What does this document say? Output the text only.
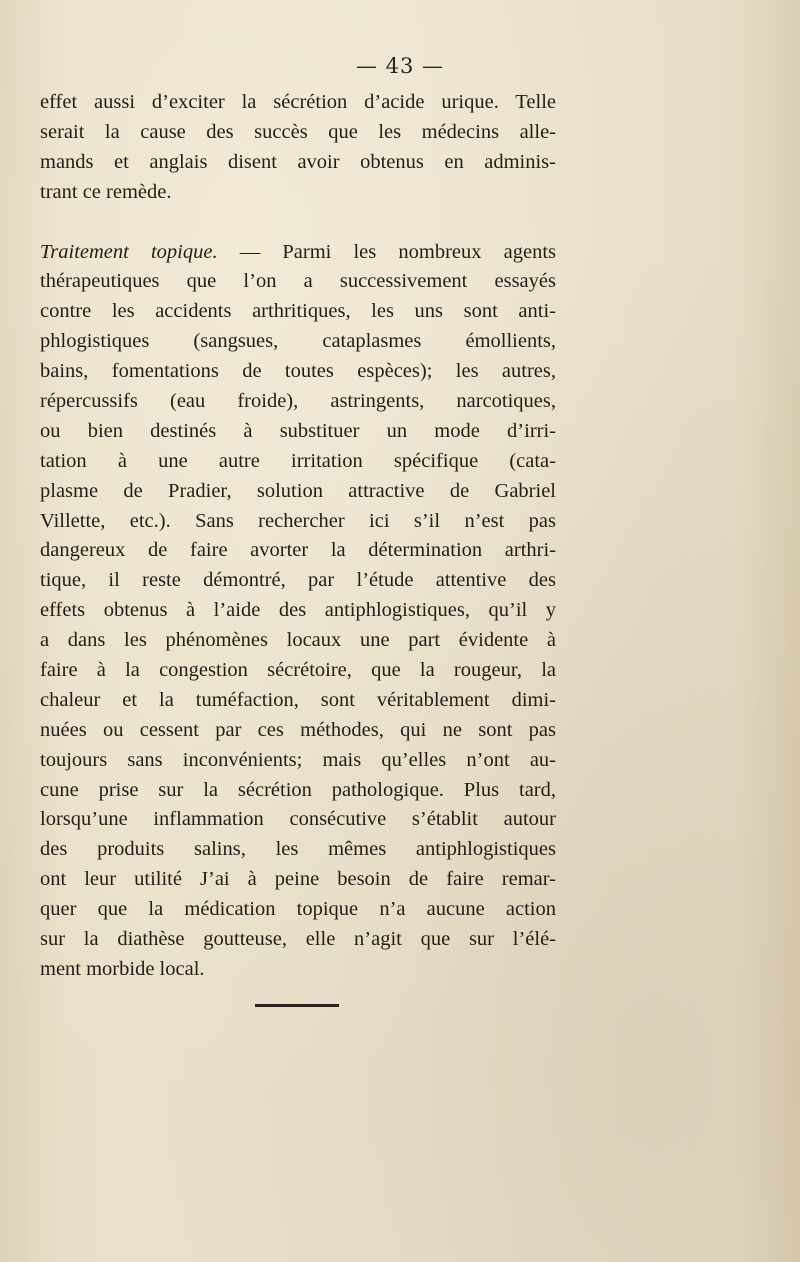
— 43 —
effet aussi d’exciter la sécrétion d’acide urique. Telle
serait la cause des succès que les médecins alle-
mands et anglais disent avoir obtenus en adminis-
trant ce remède.
Traitement topique. — Parmi les nombreux agents
thérapeutiques que l’on a successivement essayés
contre les accidents arthritiques, les uns sont anti-
phlogistiques (sangsues, cataplasmes émollients,
bains, fomentations de toutes espèces); les autres,
répercussifs (eau froide), astringents, narcotiques,
ou bien destinés à substituer un mode d’irri-
tation à une autre irritation spécifique (cata-
plasme de Pradier, solution attractive de Gabriel
Villette, etc.). Sans rechercher ici s’il n’est pas
dangereux de faire avorter la détermination arthri-
tique, il reste démontré, par l’étude attentive des
effets obtenus à l’aide des antiphlogistiques, qu’il y
a dans les phénomènes locaux une part évidente à
faire à la congestion sécrétoire, que la rougeur, la
chaleur et la tuméfaction, sont véritablement dimi-
nuées ou cessent par ces méthodes, qui ne sont pas
toujours sans inconvénients; mais qu’elles n’ont au-
cune prise sur la sécrétion pathologique. Plus tard,
lorsqu’une inflammation consécutive s’établit autour
des produits salins, les mêmes antiphlogistiques
ont leur utilité J’ai à peine besoin de faire remar-
quer que la médication topique n’a aucune action
sur la diathèse goutteuse, elle n’agit que sur l’élé-
ment morbide local.
